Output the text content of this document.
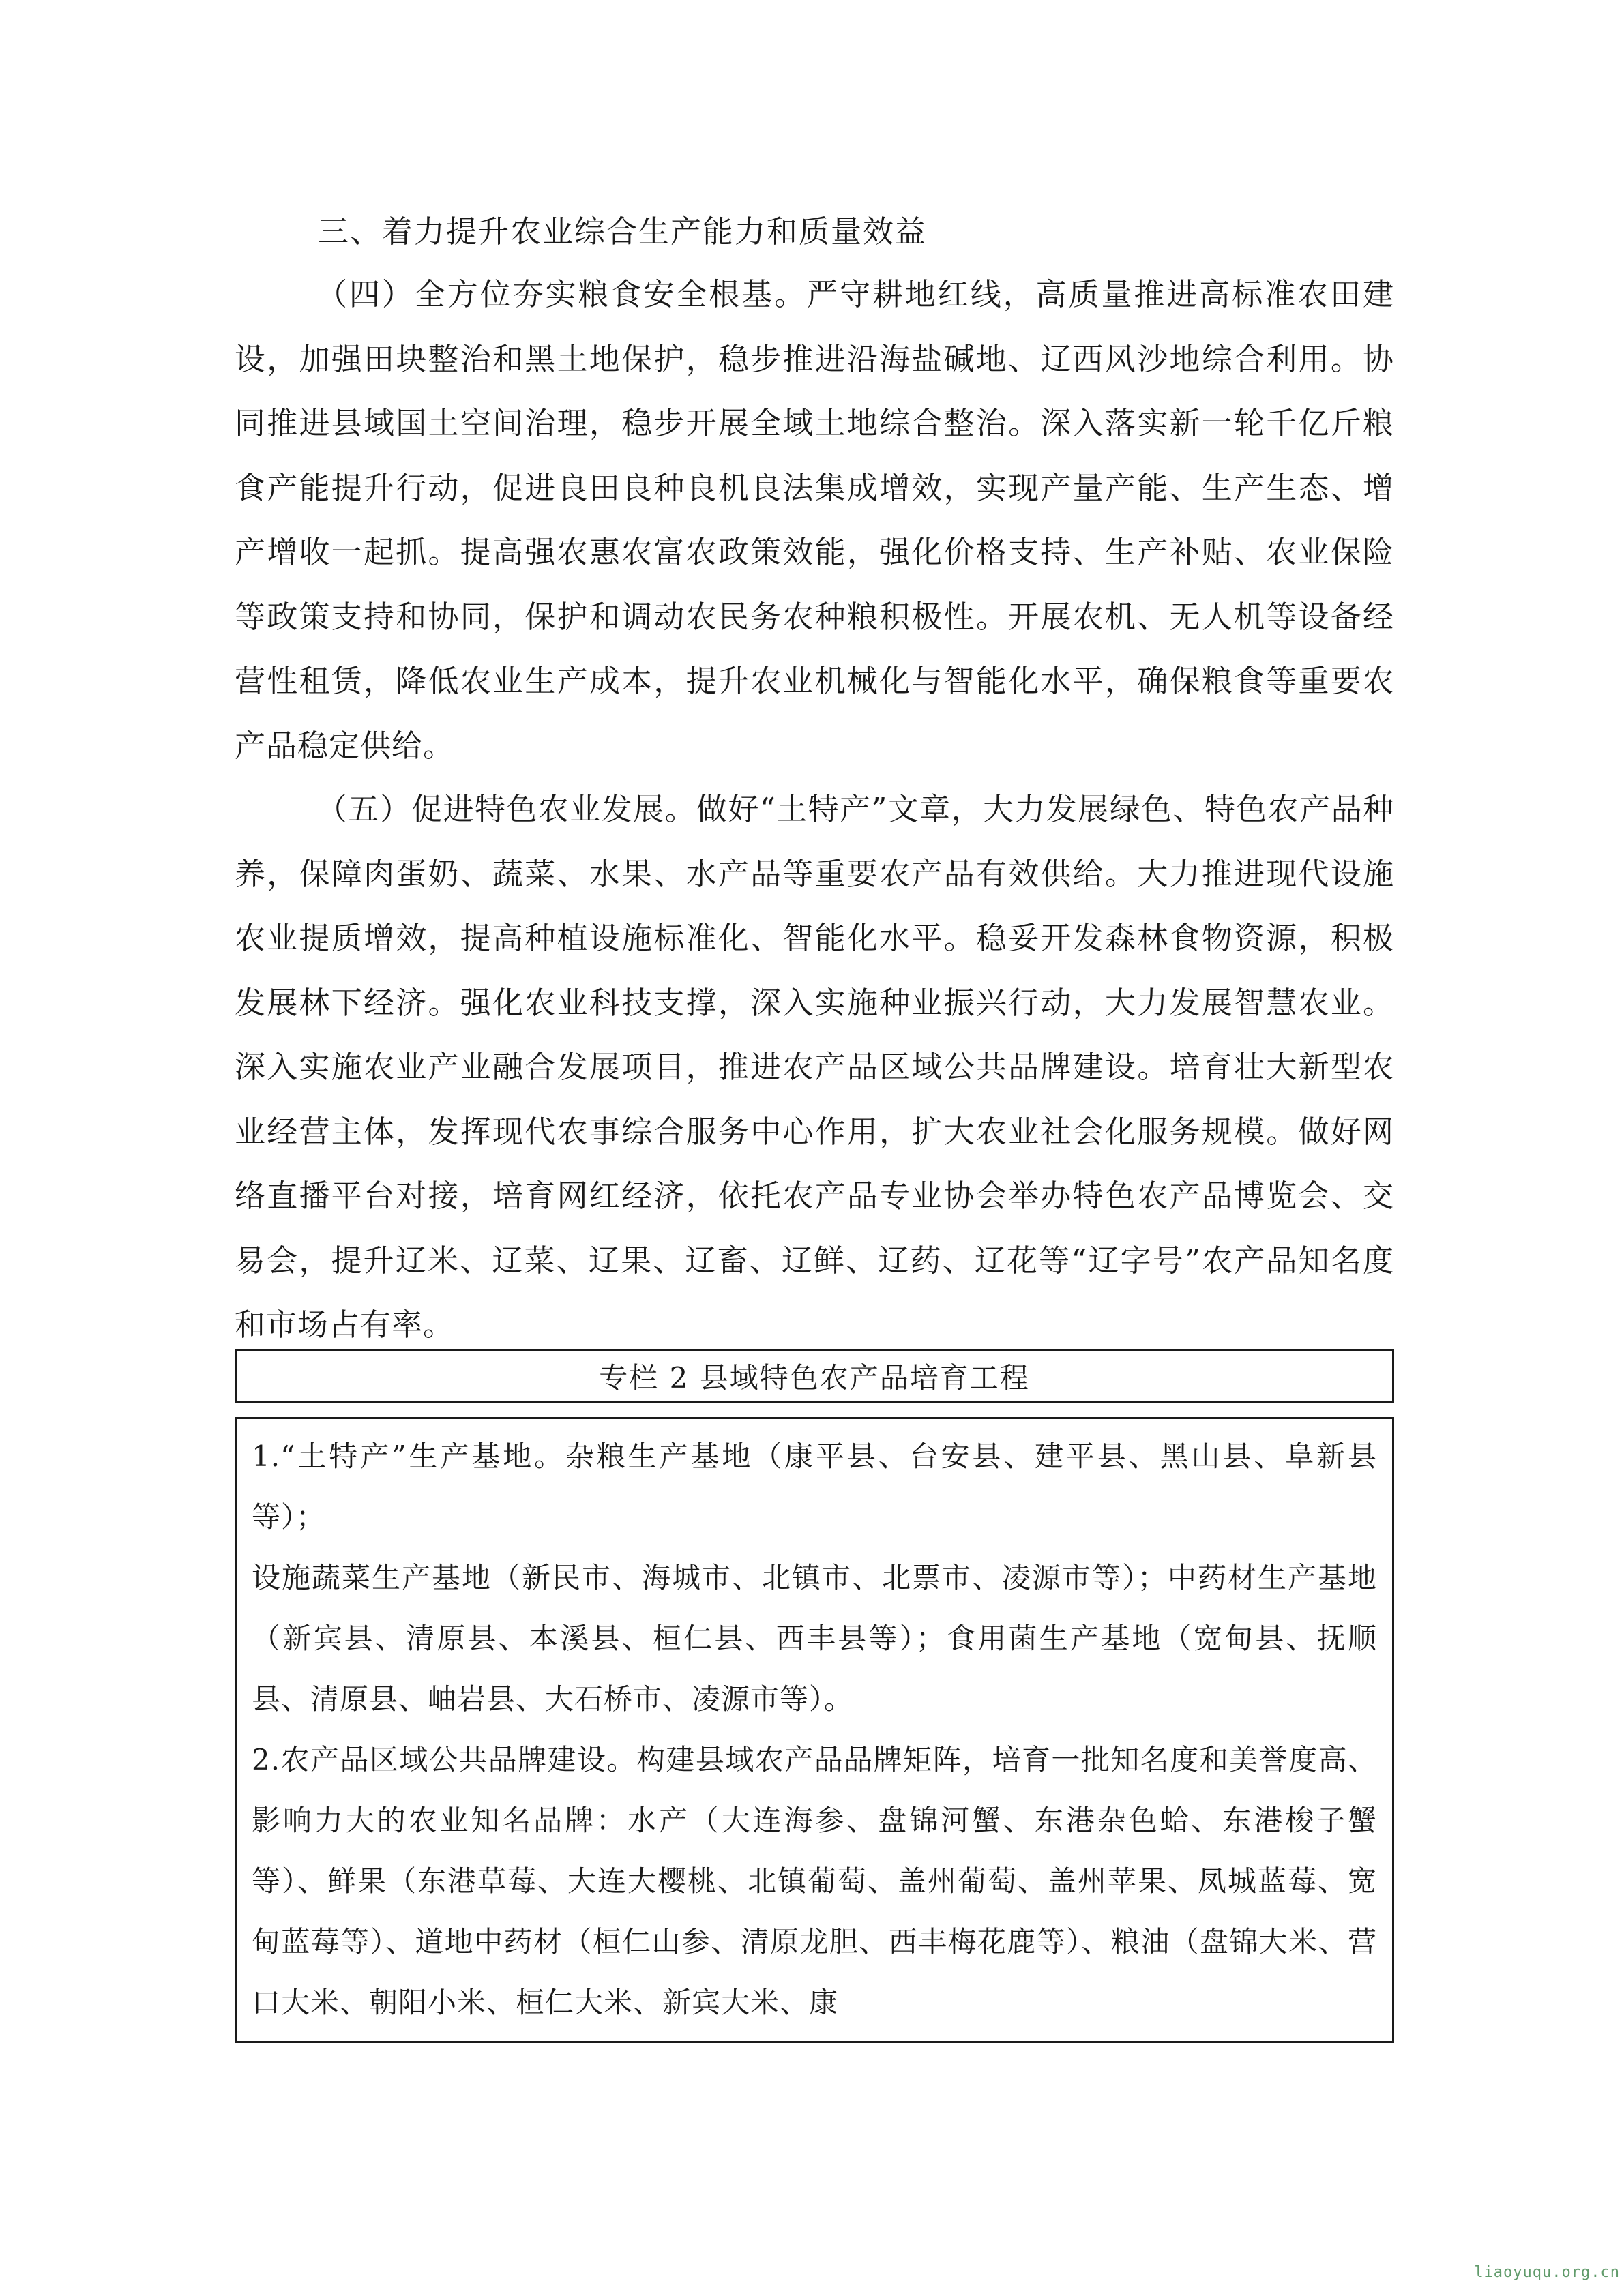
三、着力提升农业综合生产能力和质量效益

（四）全方位夯实粮食安全根基。严守耕地红线，高质量推进高标准农田建设，加强田块整治和黑土地保护，稳步推进沿海盐碱地、辽西风沙地综合利用。协同推进县域国土空间治理，稳步开展全域土地综合整治。深入落实新一轮千亿斤粮食产能提升行动，促进良田良种良机良法集成增效，实现产量产能、生产生态、增产增收一起抓。提高强农惠农富农政策效能，强化价格支持、生产补贴、农业保险等政策支持和协同，保护和调动农民务农种粮积极性。开展农机、无人机等设备经营性租赁，降低农业生产成本，提升农业机械化与智能化水平，确保粮食等重要农产品稳定供给。

（五）促进特色农业发展。做好“土特产”文章，大力发展绿色、特色农产品种养，保障肉蛋奶、蔬菜、水果、水产品等重要农产品有效供给。大力推进现代设施农业提质增效，提高种植设施标准化、智能化水平。稳妥开发森林食物资源，积极发展林下经济。强化农业科技支撑，深入实施种业振兴行动，大力发展智慧农业。深入实施农业产业融合发展项目，推进农产品区域公共品牌建设。培育壮大新型农业经营主体，发挥现代农事综合服务中心作用，扩大农业社会化服务规模。做好网络直播平台对接，培育网红经济，依托农产品专业协会举办特色农产品博览会、交易会，提升辽米、辽菜、辽果、辽畜、辽鲜、辽药、辽花等“辽字号”农产品知名度和市场占有率。

专栏 2 县域特色农产品培育工程

1.“土特产”生产基地。杂粮生产基地（康平县、台安县、建平县、黑山县、阜新县等）；

设施蔬菜生产基地（新民市、海城市、北镇市、北票市、凌源市等）；中药材生产基地（新宾县、清原县、本溪县、桓仁县、西丰县等）；食用菌生产基地（宽甸县、抚顺县、清原县、岫岩县、大石桥市、凌源市等）。

2.农产品区域公共品牌建设。构建县域农产品品牌矩阵，培育一批知名度和美誉度高、影响力大的农业知名品牌：水产（大连海参、盘锦河蟹、东港杂色蛤、东港梭子蟹等）、鲜果（东港草莓、大连大樱桃、北镇葡萄、盖州葡萄、盖州苹果、凤城蓝莓、宽甸蓝莓等）、道地中药材（桓仁山参、清原龙胆、西丰梅花鹿等）、粮油（盘锦大米、营口大米、朝阳小米、桓仁大米、新宾大米、康

liaoyuqu.org.cn
